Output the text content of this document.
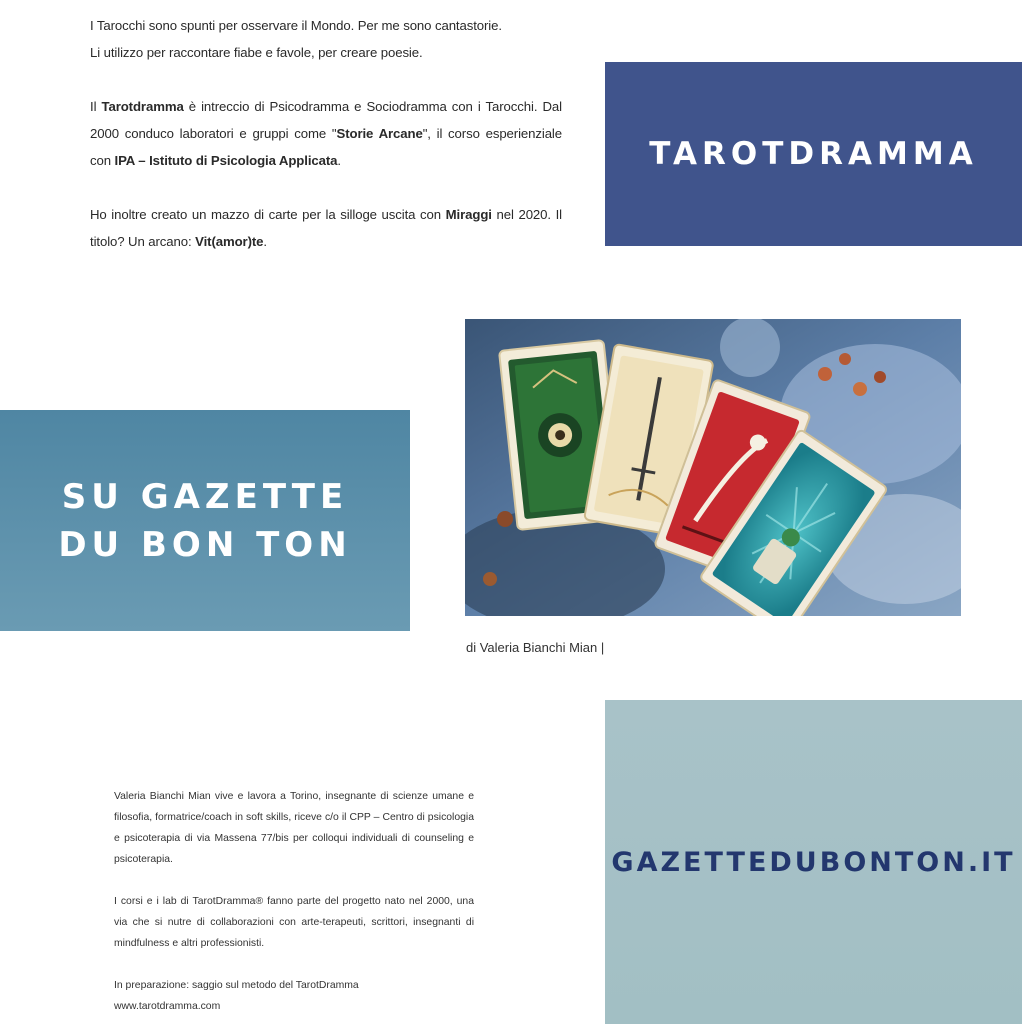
I Tarocchi sono spunti per osservare il Mondo. Per me sono cantastorie.
Li utilizzo per raccontare fiabe e favole, per creare poesie.

Il Tarotdramma è intreccio di Psicodramma e Sociodramma con i Tarocchi. Dal 2000 conduco laboratori e gruppi come "Storie Arcane", il corso esperienziale con IPA – Istituto di Psicologia Applicata.

Ho inoltre creato un mazzo di carte per la silloge uscita con Miraggi nel 2020. Il titolo? Un arcano: Vit(amor)te.

TAROTDRAMMA
SU GAZETTE
DU BON TON
di Valeria Bianchi Mian |
GAZETTEDUBONTON.IT

Valeria Bianchi Mian vive e lavora a Torino, insegnante di scienze umane e filosofia, formatrice/coach in soft skills, riceve c/o il CPP – Centro di psicologia e psicoterapia di via Massena 77/bis per colloqui individuali di counseling e psicoterapia.

I corsi e i lab di TarotDramma® fanno parte del progetto nato nel 2000, una via che si nutre di collaborazioni con arte-terapeuti, scrittori, insegnanti di mindfulness e altri professionisti.

In preparazione: saggio sul metodo del TarotDramma
www.tarotdramma.com
